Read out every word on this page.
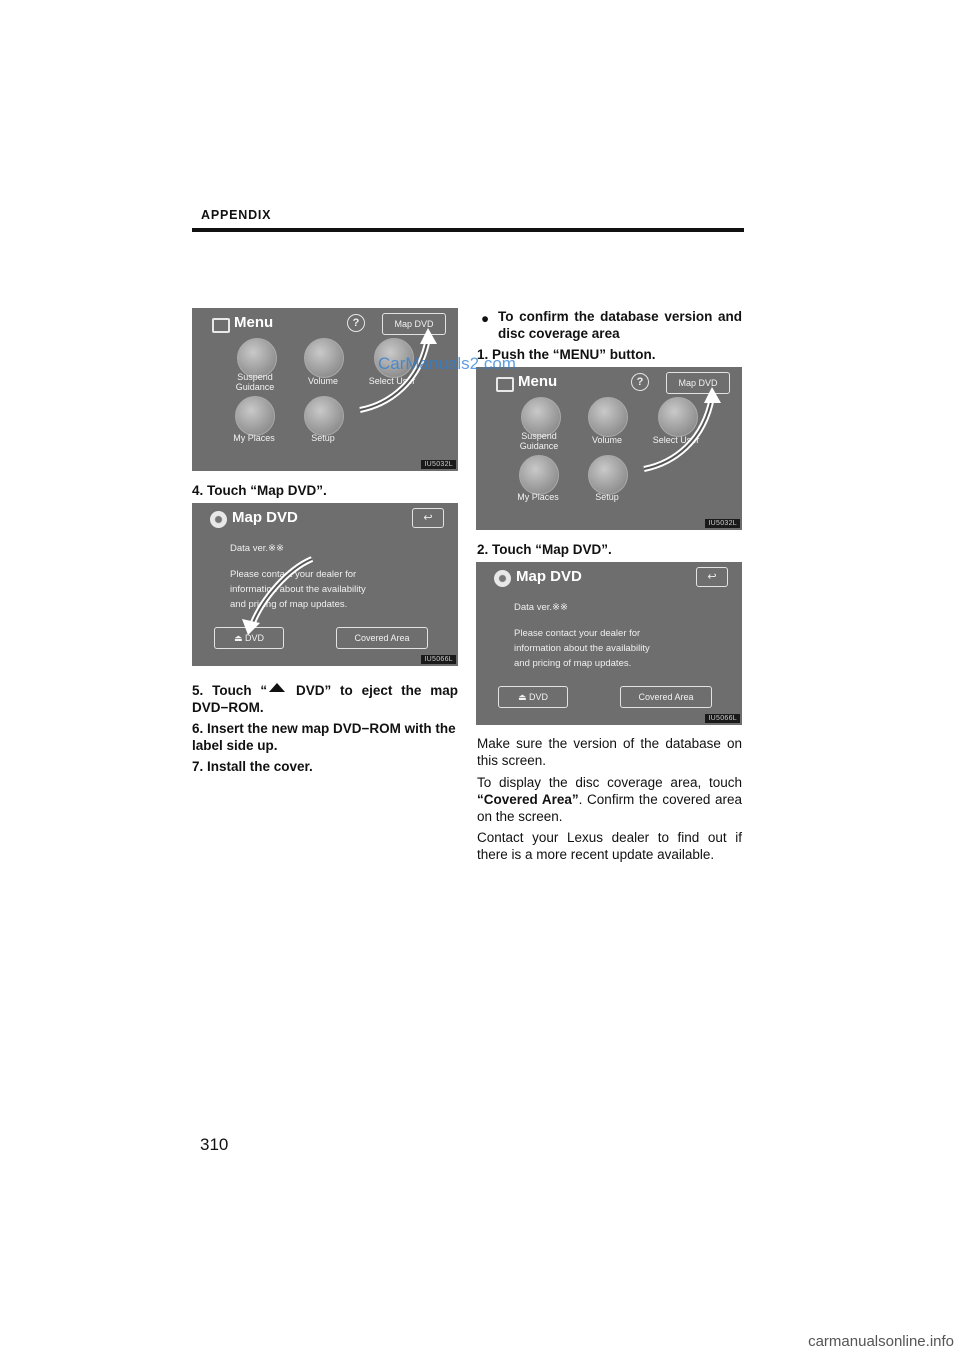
APPENDIX
Menu	?	Map DVD
Suspend Guidance
Volume	Select User
My Places	Setup
IU5032L
4. Touch “Map DVD”.
Map DVD	↩
Data ver.※※
Please contact your dealer for
information about the availability
and pricing of map updates.
⏏ DVD	Covered Area
IU5066L
5. Touch “ DVD” to eject the map DVD−ROM.
6. Insert the new map DVD−ROM with the label side up.
7. Install the cover.
● To confirm the database version and disc coverage area
1. Push the “MENU” button.
Menu	?	Map DVD
Suspend Guidance
Volume	Select User
My Places	Setup
IU5032L
2. Touch “Map DVD”.
Map DVD	↩
Data ver.※※
Please contact your dealer for
information about the availability
and pricing of map updates.
⏏ DVD	Covered Area
IU5066L
Make sure the version of the database on this screen.
To display the disc coverage area, touch “Covered Area”. Confirm the covered area on the screen.
Contact your Lexus dealer to find out if there is a more recent update available.
CarManuals2.com
310
carmanualsonline.info
